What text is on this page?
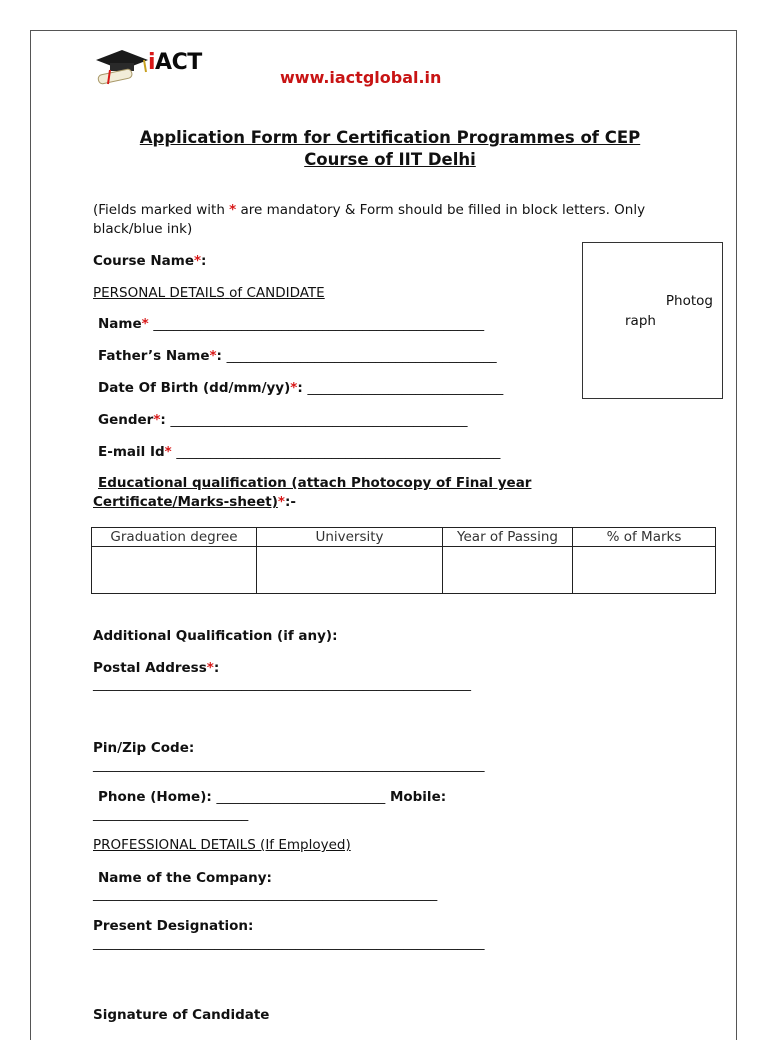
iACT
www.iactglobal.in
Application Form for Certification Programmes of CEP
Course of IIT Delhi
(Fields marked with * are mandatory & Form should be filled in block letters. Only
black/blue ink)
Course Name*:
Photog
raph
PERSONAL DETAILS of CANDIDATE
Name* _________________________________________________
Father’s Name*: ________________________________________
Date Of Birth (dd/mm/yy)*: _____________________________
Gender*: ____________________________________________
E-mail Id* ________________________________________________
Educational qualification (attach Photocopy of Final year
Certificate/Marks-sheet)*:-
Graduation degree	University	Year of Passing	% of Marks

Additional Qualification (if any):
Postal Address*:
________________________________________________________
Pin/Zip Code:
__________________________________________________________
Phone (Home): _________________________ Mobile:
_______________________
PROFESSIONAL DETAILS (If Employed)
Name of the Company:
___________________________________________________
Present Designation:
__________________________________________________________
Signature of Candidate
